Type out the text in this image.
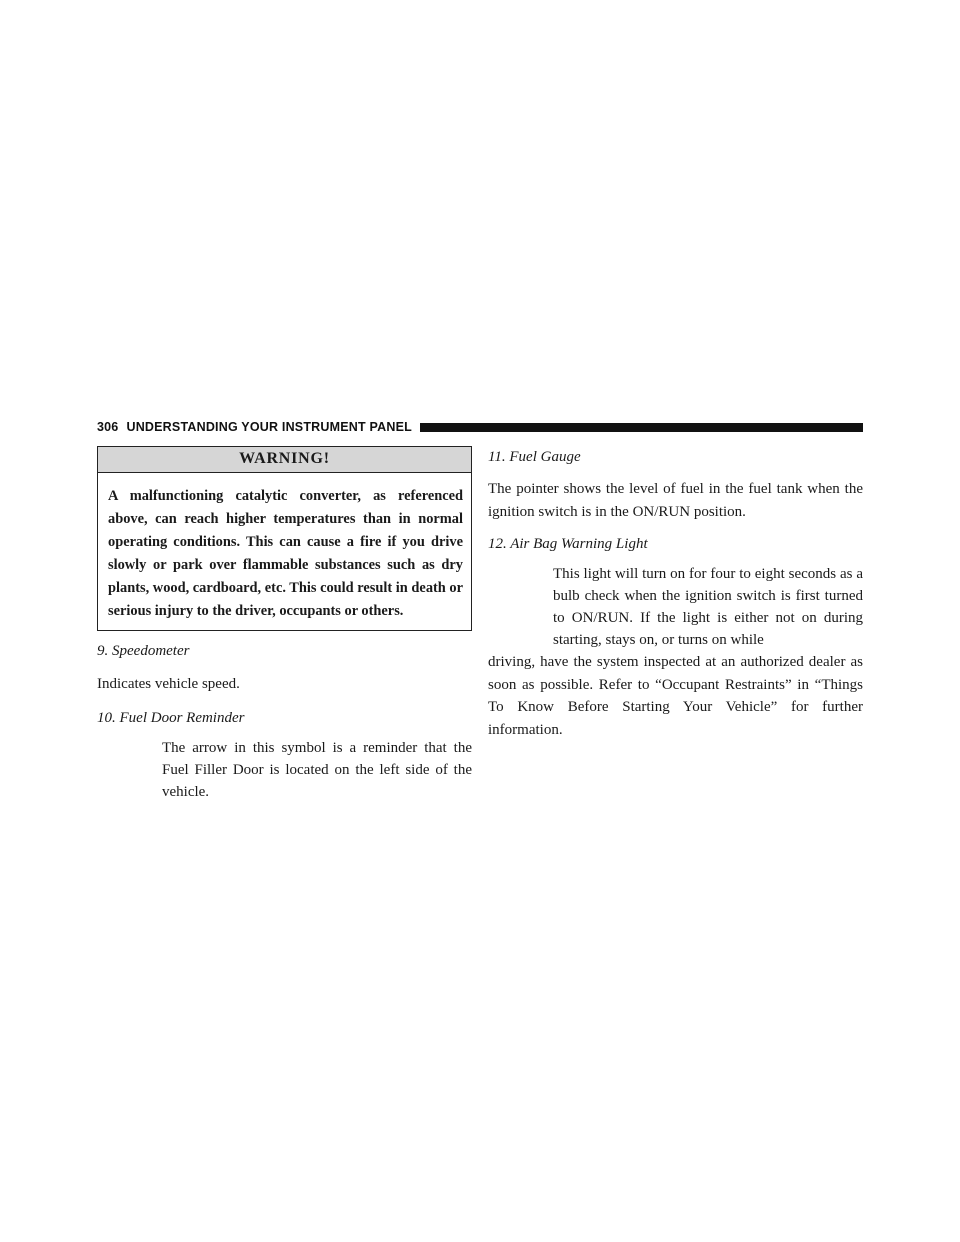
306 UNDERSTANDING YOUR INSTRUMENT PANEL
WARNING!
A malfunctioning catalytic converter, as referenced above, can reach higher temperatures than in normal operating conditions. This can cause a fire if you drive slowly or park over flammable substances such as dry plants, wood, cardboard, etc. This could result in death or serious injury to the driver, occupants or others.
9. Speedometer
Indicates vehicle speed.
10. Fuel Door Reminder
The arrow in this symbol is a reminder that the Fuel Filler Door is located on the left side of the vehicle.
11. Fuel Gauge
The pointer shows the level of fuel in the fuel tank when the ignition switch is in the ON/RUN position.
12. Air Bag Warning Light
This light will turn on for four to eight seconds as a bulb check when the ignition switch is first turned to ON/RUN. If the light is either not on during starting, stays on, or turns on while
driving, have the system inspected at an authorized dealer as soon as possible. Refer to “Occupant Restraints” in “Things To Know Before Starting Your Vehicle” for further information.
